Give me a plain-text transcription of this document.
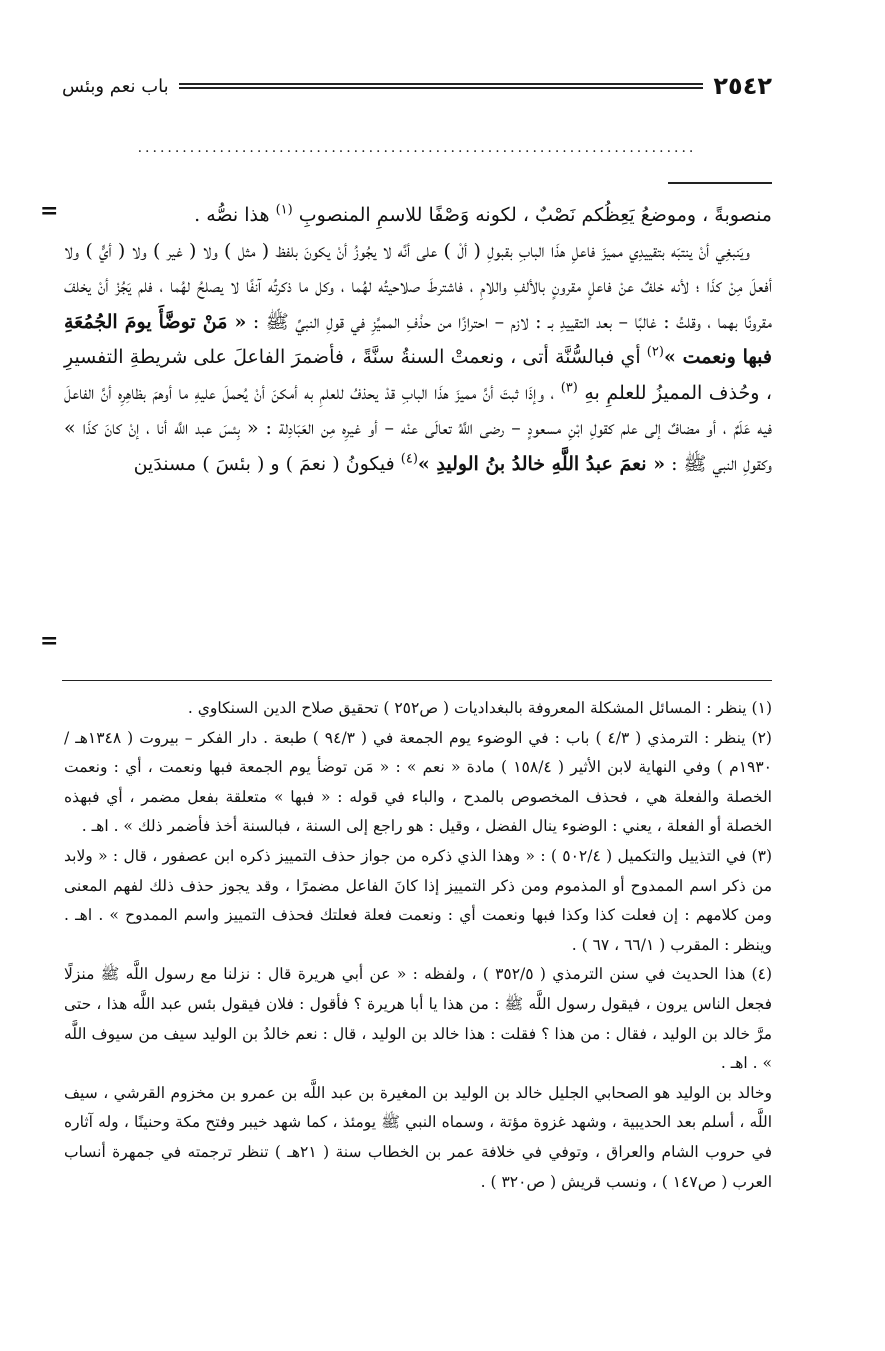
٢٥٤٢
باب نعم وبئس
...........................................................................
=
=

منصوبةً ، وموضعُ يَعِظُكم نَصْبٌ ، لكونه وَصْفًا للاسمِ المنصوبِ $^{(١)}$ هذا نصُّه .

ويَنبغِي أنْ ينتبَه بتقييدِي مميزَ فاعلِ هذَا البابِ بقبولِ ( ألْ ) على أنَّه لا يجُوزُ أنْ يكونَ بلفظ ( مثل ) ولا ( غير ) ولا ( أيٍّ ) ولا أفعلَ مِنْ كذَا ؛ لأنه خلفٌ عنْ فاعلٍ مقرونٍ بالألفِ واللامِ ، فاشترطَ صلاحيتُه لهُما ، وكل ما ذكرتُه آنفًا لا يصلحُ لهُما ، فلم يَجُزْ أنْ يخلفَ مقرونًا بهما ، وقلتُ : غالبًا – بعد التقييدِ بـ : لازم – احترازًا من حذْفِ المميَّزِ في قولِ النبيِّ ﷺ : « مَنْ توضَّأَ يومَ الجُمُعَةِ فبها ونعمت »$^{(٢)}$ أي فبالسُّنَّة أتى ، ونعمتْ السنةُ سنَّةً ، فأضمرَ الفاعلَ على شريطةِ التفسيرِ ، وحُذف المميزُ للعلمِ بهِ $^{(٣)}$ ، وإذَا ثبتَ أنَّ مميزَ هذَا البابِ قدْ يحذفُ للعلمِ به أمكنَ أنْ يُحملَ عليهِ ما أوهمَ بظاهِرِه أنَّ الفاعلَ فيه عَلَمٌ ، أو مضافٌ إلى علم كقولِ ابْنِ مسعودٍ – رضى اللَّهُ تعالَى عنْه – أو غيرِه مِن العَبَادِلة : « بِئسَ عبد اللَّه أنا ، إنْ كانَ كذَا » وكقولِ النبي ﷺ : « نعمَ عبدُ اللَّهِ خالدُ بنُ الوليدِ »$^{(٤)}$ فيكونُ ( نعمَ ) و ( بئسَ ) مسندَين

(١) ينظر : المسائل المشكلة المعروفة بالبغداديات ( ص٢٥٢ ) تحقيق صلاح الدين السنكاوي .

(٢) ينظر : الترمذي ( ٤/٣ ) باب : في الوضوء يوم الجمعة في ( ٩٤/٣ ) طبعة . دار الفكر – بيروت ( ١٣٤٨هـ / ١٩٣٠م ) وفي النهاية لابن الأثير ( ١٥٨/٤ ) مادة « نعم » : « مَن توضأ يوم الجمعة فبها ونعمت ، أي : ونعمت الخصلة والفعلة هي ، فحذف المخصوص بالمدح ، والباء في قوله : « فبها » متعلقة بفعل مضمر ، أي فبهذه الخصلة أو الفعلة ، يعني : الوضوء ينال الفضل ، وقيل : هو راجع إلى السنة ، فبالسنة أخذ فأضمر ذلك » . اهـ .

(٣) في التذييل والتكميل ( ٥٠٢/٤ ) : « وهذا الذي ذكره من جواز حذف التمييز ذكره ابن عصفور ، قال : « ولابد من ذكر اسم الممدوح أو المذموم ومن ذكر التمييز إذا كانَ الفاعل مضمرًا ، وقد يجوز حذف ذلك لفهم المعنى ومن كلامهم : إن فعلت كذا وكذا فبها ونعمت أي : ونعمت فعلة فعلتك فحذف التمييز واسم الممدوح » . اهـ . وينظر : المقرب ( ٦٦/١ ، ٦٧ ) .

(٤) هذا الحديث في سنن الترمذي ( ٣٥٢/٥ ) ، ولفظه : « عن أبي هريرة قال : نزلنا مع رسول اللَّه ﷺ منزلًا فجعل الناس يرون ، فيقول رسول اللَّه ﷺ : من هذا يا أبا هريرة ؟ فأقول : فلان فيقول بئس عبد اللَّه هذا ، حتى مرَّ خالد بن الوليد ، فقال : من هذا ؟ فقلت : هذا خالد بن الوليد ، قال : نعم خالدُ بن الوليد سيف من سيوف اللَّه » . اهـ .

وخالد بن الوليد هو الصحابي الجليل خالد بن الوليد بن المغيرة بن عبد اللَّه بن عمرو بن مخزوم القرشي ، سيف اللَّه ، أسلم بعد الحديبية ، وشهد غزوة مؤتة ، وسماه النبي ﷺ يومئذ ، كما شهد خيبر وفتح مكة وحنينًا ، وله آثاره في حروب الشام والعراق ، وتوفي في خلافة عمر بن الخطاب سنة ( ٢١هـ ) تنظر ترجمته في جمهرة أنساب العرب ( ص١٤٧ ) ، ونسب قريش ( ص٣٢٠ ) .
